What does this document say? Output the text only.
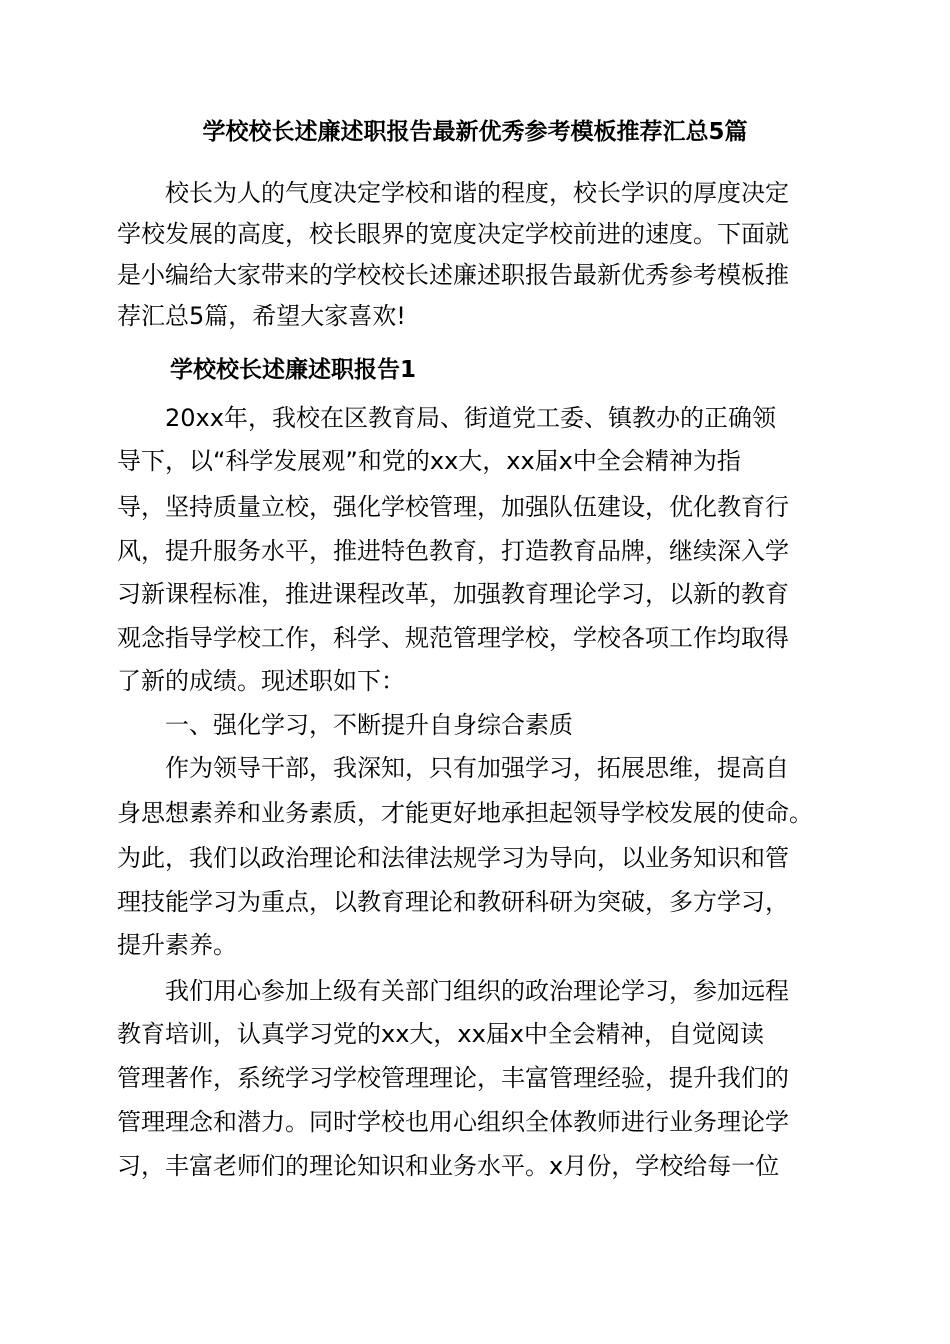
学校校长述廉述职报告最新优秀参考模板推荐汇总5篇
校长为人的气度决定学校和谐的程度，校长学识的厚度决定
学校发展的高度，校长眼界的宽度决定学校前进的速度。下面就
是小编给大家带来的学校校长述廉述职报告最新优秀参考模板推
荐汇总5篇，希望大家喜欢!
学校校长述廉述职报告1
20xx年，我校在区教育局、街道党工委、镇教办的正确领
导下，以“科学发展观”和党的xx大，xx届x中全会精神为指
导，坚持质量立校，强化学校管理，加强队伍建设，优化教育行
风，提升服务水平，推进特色教育，打造教育品牌，继续深入学
习新课程标准，推进课程改革，加强教育理论学习，以新的教育
观念指导学校工作，科学、规范管理学校，学校各项工作均取得
了新的成绩。现述职如下：
一、强化学习，不断提升自身综合素质
作为领导干部，我深知，只有加强学习，拓展思维，提高自
身思想素养和业务素质，才能更好地承担起领导学校发展的使命。
为此，我们以政治理论和法律法规学习为导向，以业务知识和管
理技能学习为重点，以教育理论和教研科研为突破，多方学习，
提升素养。
我们用心参加上级有关部门组织的政治理论学习，参加远程
教育培训，认真学习党的xx大，xx届x中全会精神，自觉阅读
管理著作，系统学习学校管理理论，丰富管理经验，提升我们的
管理理念和潜力。同时学校也用心组织全体教师进行业务理论学
习，丰富老师们的理论知识和业务水平。x月份，学校给每一位
